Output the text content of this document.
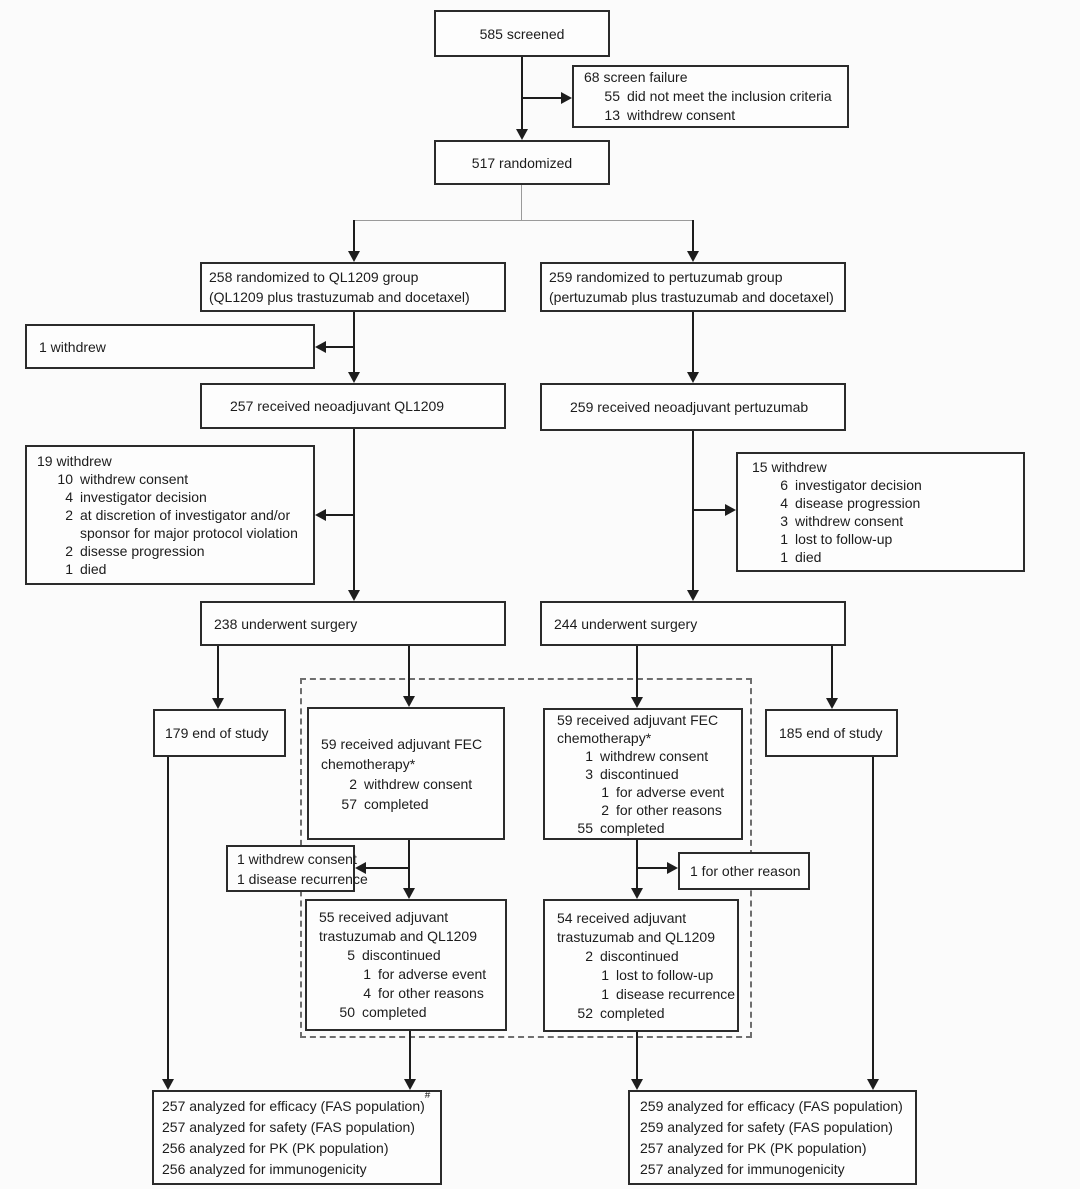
585 screened
68 screen failure
55 did not meet the inclusion criteria
13 withdrew consent
517 randomized
258 randomized to QL1209 group
(QL1209 plus trastuzumab and docetaxel)
259 randomized to pertuzumab group
(pertuzumab plus trastuzumab and docetaxel)
1 withdrew
257 received neoadjuvant QL1209	259 received neoadjuvant pertuzumab
19 withdrew
10 withdrew consent
4 investigator decision
2 at discretion of investigator and/or
sponsor for major protocol violation
2 disesse progression
1 died
15 withdrew
6 investigator decision
4 disease progression
3 withdrew consent
1 lost to follow-up
1 died
238 underwent surgery	244 underwent surgery
179 end of study
59 received adjuvant FEC
chemotherapy*
2 withdrew consent
57 completed
59 received adjuvant FEC
chemotherapy*
1 withdrew consent
3 discontinued
1 for adverse event
2 for other reasons
55 completed
185 end of study
1 withdrew consent
1 disease recurrence	1 for other reason
55 received adjuvant
trastuzumab and QL1209
5 discontinued
1 for adverse event
4 for other reasons
50 completed
54 received adjuvant
trastuzumab and QL1209
2 discontinued
1 lost to follow-up
1 disease recurrence
52 completed
257 analyzed for efficacy (FAS population)
#
257 analyzed for safety (FAS population)
256 analyzed for PK (PK population)
256 analyzed for immunogenicity
259 analyzed for efficacy (FAS population)
259 analyzed for safety (FAS population)
257 analyzed for PK (PK population)
257 analyzed for immunogenicity
